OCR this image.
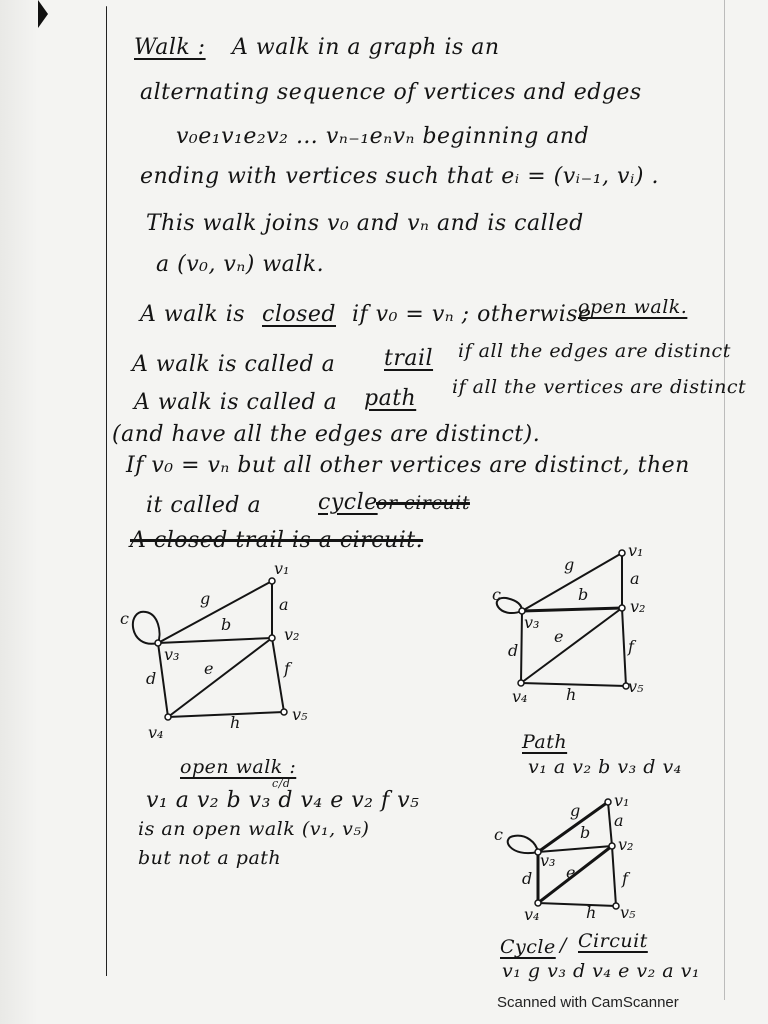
Walk : A walk in a graph is an
alternating sequence of vertices and edges
v₀e₁v₁e₂v₂ … vₙ₋₁eₙvₙ beginning and
ending with vertices such that eᵢ = (vᵢ₋₁, vᵢ) .
This walk joins v₀ and vₙ and is called
a (v₀, vₙ) walk.
A walk is closed if v₀ = vₙ ; otherwise
open walk.
A walk is called a trail if all the edges are distinct
A walk is called a path if all the vertices are distinct
(and have all the edges are distinct).
If v₀ = vₙ but all other vertices are distinct, then
it called a	cycle
or circuit
A closed trail is a circuit.
v₁
v₂
v₃
v₄
v₅
a
b
c
d
e	f
g
h
v₁
v₂
v₃
v₄
v₅
a
b
c
d
e
f
g
h
v₁
v₂
v₃
v₄	v₅
a
b
c
d e	f
g
h
open walk :
v₁ a v₂ b v₃ d v₄ e v₂ f v₅
c/d
is an open walk (v₁, v₅)
but not a path
Path
v₁ a v₂ b v₃ d v₄
Cycle / Circuit
v₁ g v₃ d v₄ e v₂ a v₁
Scanned with CamScanner
